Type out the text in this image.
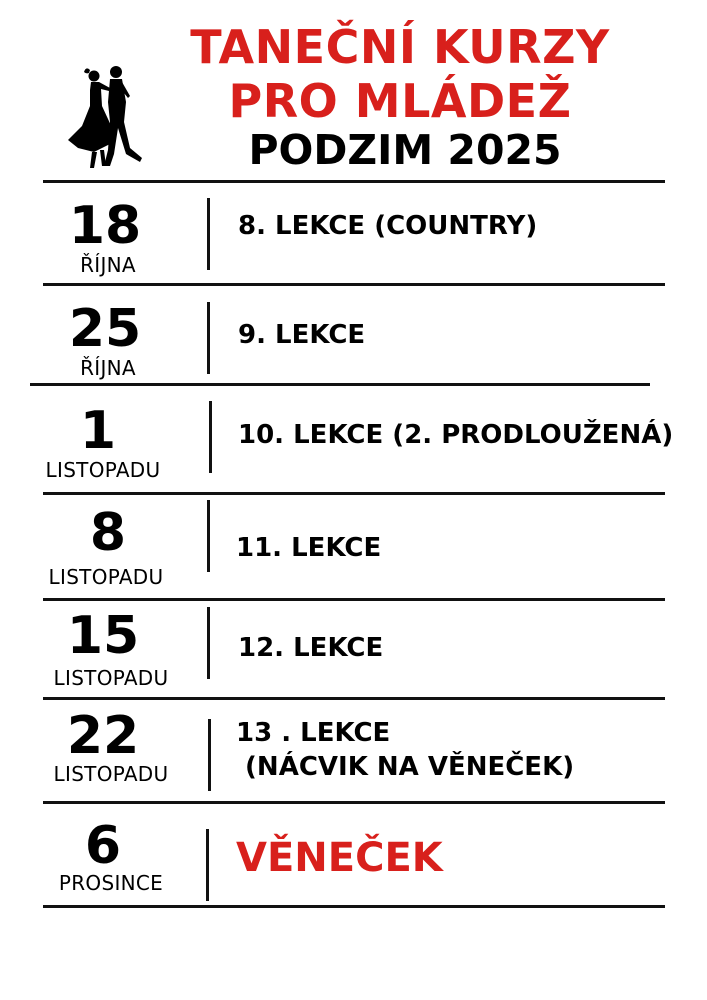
TANEČNÍ KURZY
PRO MLÁDEŽ
PODZIM 2025
18
ŘÍJNA
8. LEKCE (COUNTRY)
25
ŘÍJNA
9. LEKCE
1
LISTOPADU
10. LEKCE (2. PRODLOUŽENÁ)
8
LISTOPADU
11. LEKCE
15
LISTOPADU
12. LEKCE
22
LISTOPADU
13 . LEKCE
(NÁCVIK NA VĚNEČEK)
6
PROSINCE
VĚNEČEK
